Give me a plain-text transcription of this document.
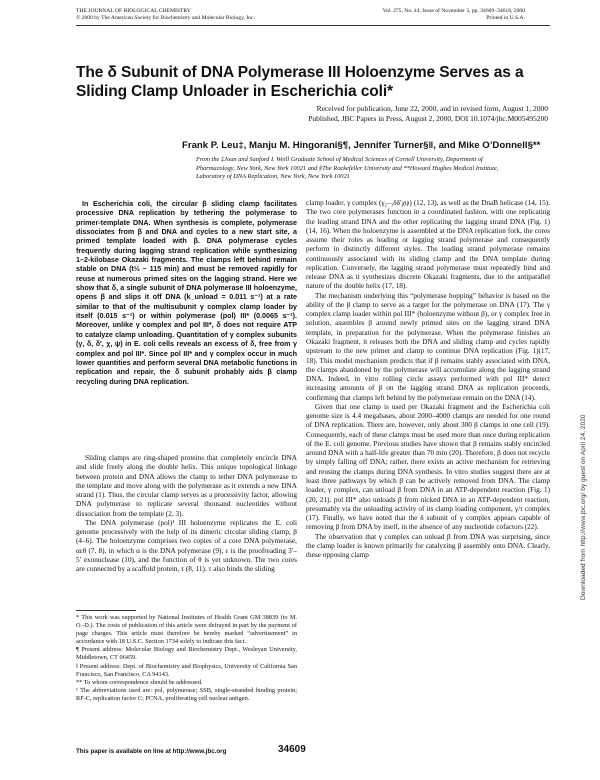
THE JOURNAL OF BIOLOGICAL CHEMISTRY
© 2000 by The American Society for Biochemistry and Molecular Biology, Inc.
Vol. 275, No. 44, Issue of November 3, pp. 34609–34618, 2000
Printed in U.S.A.
The δ Subunit of DNA Polymerase III Holoenzyme Serves as a Sliding Clamp Unloader in Escherichia coli*
Received for publication, June 22, 2000, and in revised form, August 1, 2000
Published, JBC Papers in Press, August 2, 2000, DOI 10.1074/jbc.M005495200
Frank P. Leu‡, Manju M. Hingorani§¶, Jennifer Turner§‖, and Mike O’Donnell§**
From the ‡Joan and Sanford I. Weill Graduate School of Medical Sciences of Cornell University, Department of Pharmacology, New York, New York 10021 and §The Rockefeller University and **Howard Hughes Medical Institute, Laboratory of DNA Replication, New York, New York 10021
In Escherichia coli, the circular β sliding clamp facilitates processive DNA replication by tethering the polymerase to primer-template DNA. When synthesis is complete, polymerase dissociates from β and DNA and cycles to a new start site, a primed template loaded with β. DNA polymerase cycles frequently during lagging strand replication while synthesizing 1–2-kilobase Okazaki fragments. The clamps left behind remain stable on DNA (t½ ~ 115 min) and must be removed rapidly for reuse at numerous primed sites on the lagging strand. Here we show that δ, a single subunit of DNA polymerase III holoenzyme, opens β and slips it off DNA (k_unload = 0.011 s⁻¹) at a rate similar to that of the multisubunit γ complex clamp loader by itself (0.015 s⁻¹) or within polymerase (pol) III* (0.0065 s⁻¹). Moreover, unlike γ complex and pol III*, δ does not require ATP to catalyze clamp unloading. Quantitation of γ complex subunits (γ, δ, δ′, χ, ψ) in E. coli cells reveals an excess of δ, free from γ complex and pol III*. Since pol III* and γ complex occur in much lower quantities and perform several DNA metabolic functions in replication and repair, the δ subunit probably aids β clamp recycling during DNA replication.

Sliding clamps are ring-shaped proteins that completely encircle DNA and slide freely along the double helix. This unique topological linkage between protein and DNA allows the clamp to tether DNA polymerase to the template and move along with the polymerase as it extends a new DNA strand (1). Thus, the circular clamp serves as a processivity factor, allowing DNA polymerase to replicate several thousand nucleotides without dissociation from the template (2, 3).

The DNA polymerase (pol)¹ III holoenzyme replicates the E. coli genome processively with the help of its dimeric circular sliding clamp, β (4–6). The holoenzyme comprises two copies of a core DNA polymerase, αεθ (7, 8), in which α is the DNA polymerase (9), ε is the proofreading 3′–5′ exonuclease (10), and the function of θ is yet unknown. The two cores are connected by a scaffold protein, τ (8, 11). τ also binds the sliding

* This work was supported by National Institutes of Health Grant GM 38839 (to M. O.-D.). The costs of publication of this article were defrayed in part by the payment of page charges. This article must therefore be hereby marked “advertisement” in accordance with 18 U.S.C. Section 1734 solely to indicate this fact.

¶ Present address: Molecular Biology and Biochemistry Dept., Wesleyan University, Middletown, CT 06459.

‖ Present address: Dept. of Biochemistry and Biophysics, University of California San Francisco, San Francisco, CA 94143.

** To whom correspondence should be addressed.

¹ The abbreviations used are: pol, polymerase; SSB, single-stranded binding protein; RF-C, replication factor C; PCNA, proliferating cell nuclear antigen.

clamp loader, γ complex (γ₂–₃δδ′χψ) (12, 13), as well as the DnaB helicase (14, 15). The two core polymerases function in a coordinated fashion, with one replicating the leading strand DNA and the other replicating the lagging strand DNA (Fig. 1) (14, 16). When the holoenzyme is assembled at the DNA replication fork, the cores assume their roles as leading or lagging strand polymerase and consequently perform in distinctly different styles. The leading strand polymerase remains continuously associated with its sliding clamp and the DNA template during replication. Conversely, the lagging strand polymerase must repeatedly bind and release DNA as it synthesizes discrete Okazaki fragments, due to the antiparallel nature of the double helix (17, 18).

The mechanism underlying this “polymerase hopping” behavior is based on the ability of the β clamp to serve as a target for the polymerase on DNA (17). The γ complex clamp loader within pol III* (holoenzyme without β), or γ complex free in solution, assembles β around newly primed sites on the lagging strand DNA template, in preparation for the polymerase. When the polymerase finishes an Okazaki fragment, it releases both the DNA and sliding clamp and cycles rapidly upstream to the new primer and clamp to continue DNA replication (Fig. 1)(17, 18). This model mechanism predicts that if β remains stably associated with DNA, the clamps abandoned by the polymerase will accumulate along the lagging strand DNA. Indeed, in vitro rolling circle assays performed with pol III* detect increasing amounts of β on the lagging strand DNA as replication proceeds, confirming that clamps left behind by the polymerase remain on the DNA (14).

Given that one clamp is used per Okazaki fragment and the Escherichia coli genome size is 4.4 megabases, about 2000–4000 clamps are needed for one round of DNA replication. There are, however, only about 300 β clamps in one cell (19). Consequently, each of these clamps must be used more than once during replication of the E. coli genome. Previous studies have shown that β remains stably encircled around DNA with a half-life greater than 70 min (20). Therefore, β does not recycle by simply falling off DNA; rather, there exists an active mechanism for retrieving and reusing the clamps during DNA synthesis. In vitro studies suggest there are at least three pathways by which β can be actively removed from DNA. The clamp loader, γ complex, can unload β from DNA in an ATP-dependent reaction (Fig. 1)(20, 21). pol III* also unloads β from nicked DNA in an ATP-dependent reaction, presumably via the unloading activity of its clamp loading component, γ/τ complex (17). Finally, we have noted that the δ subunit of γ complex appears capable of removing β from DNA by itself, in the absence of any nucleotide cofactors (22).

The observation that γ complex can unload β from DNA was surprising, since the clamp loader is known primarily for catalyzing β assembly onto DNA. Clearly, these opposing clamp

This paper is available on line at http://www.jbc.org	34609
Downloaded from http://www.jbc.org/ by guest on April 24, 2020
